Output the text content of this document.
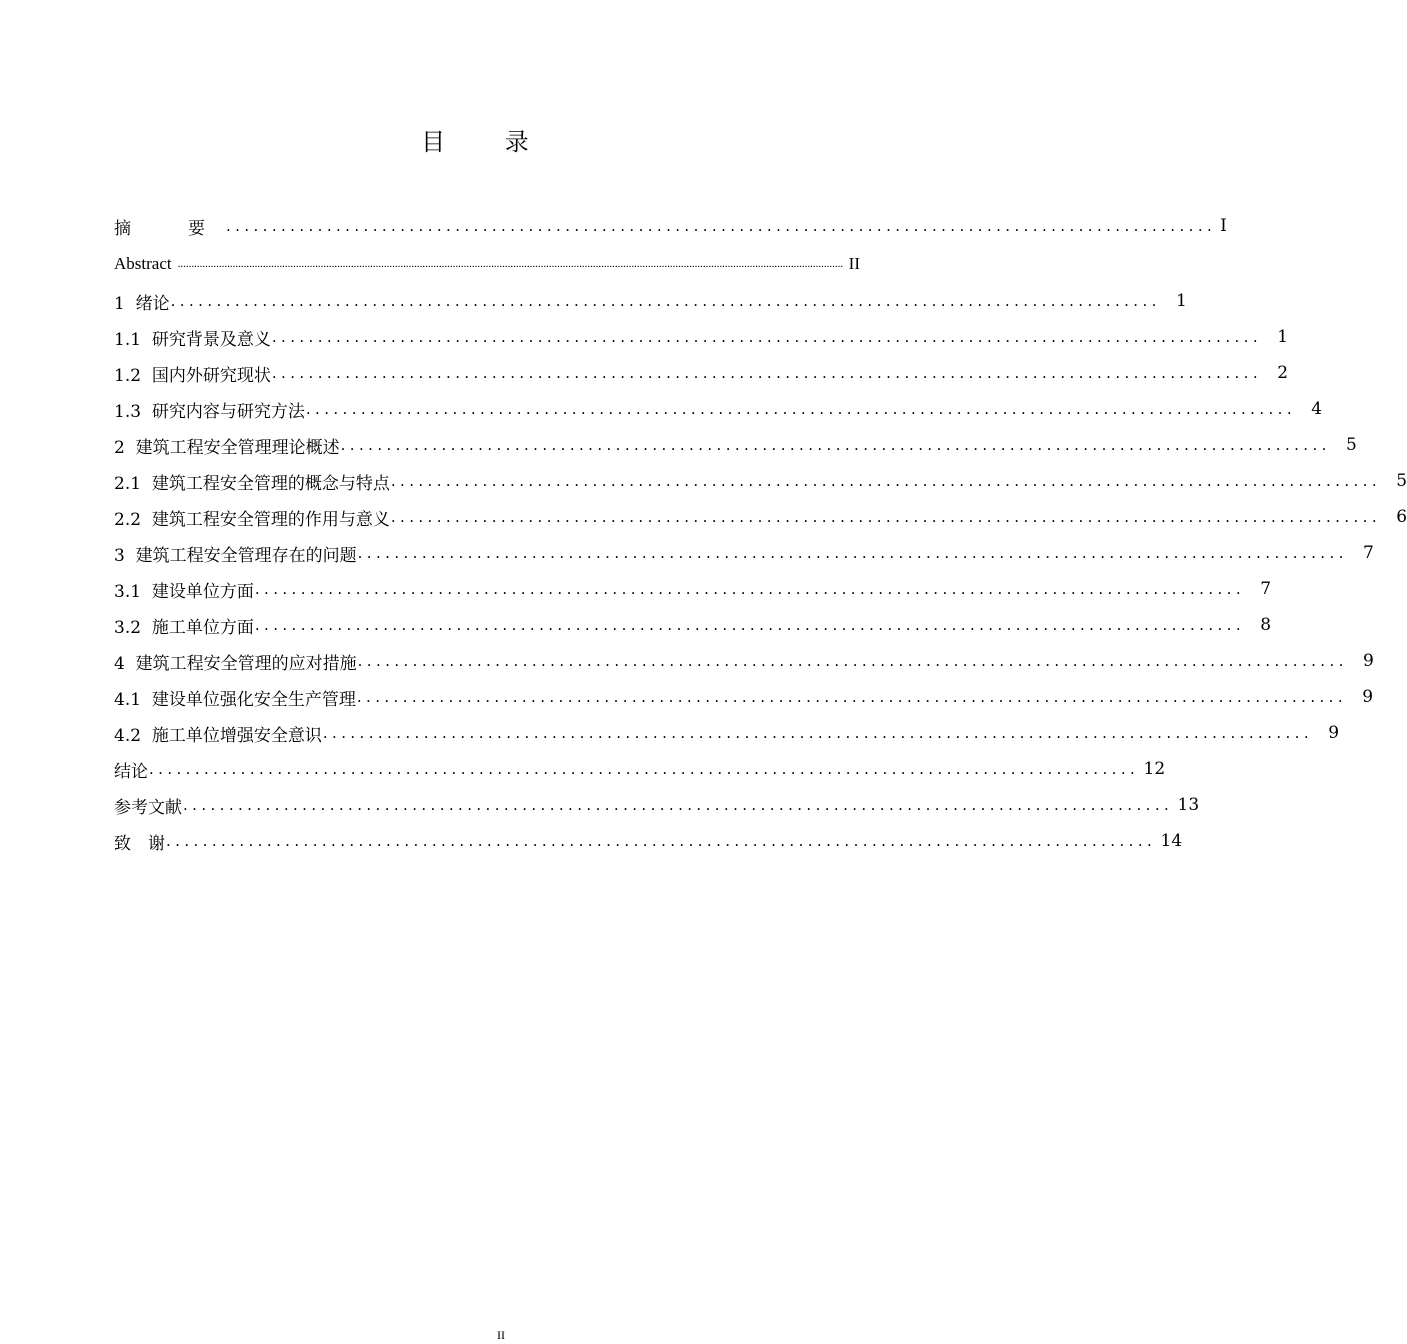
目 录
摘　要 ............................................................................................................ I
Abstract .................................................................................................................................................................................................................................................. II
1 绪论 ............................................................................................................ 1
1.1 研究背景及意义 ............................................................................................................ 1
1.2 国内外研究现状 ............................................................................................................ 2
1.3 研究内容与研究方法 ............................................................................................................ 4
2 建筑工程安全管理理论概述 ............................................................................................................ 5
2.1 建筑工程安全管理的概念与特点 ............................................................................................................ 5
2.2 建筑工程安全管理的作用与意义 ............................................................................................................ 6
3 建筑工程安全管理存在的问题 ............................................................................................................ 7
3.1 建设单位方面 ............................................................................................................ 7
3.2 施工单位方面 ............................................................................................................ 8
4 建筑工程安全管理的应对措施 ............................................................................................................ 9
4.1 建设单位强化安全生产管理 ............................................................................................................ 9
4.2 施工单位增强安全意识 ............................................................................................................ 9
结论 ............................................................................................................ 12
参考文献 ............................................................................................................ 13
致　谢 ............................................................................................................ 14
II
